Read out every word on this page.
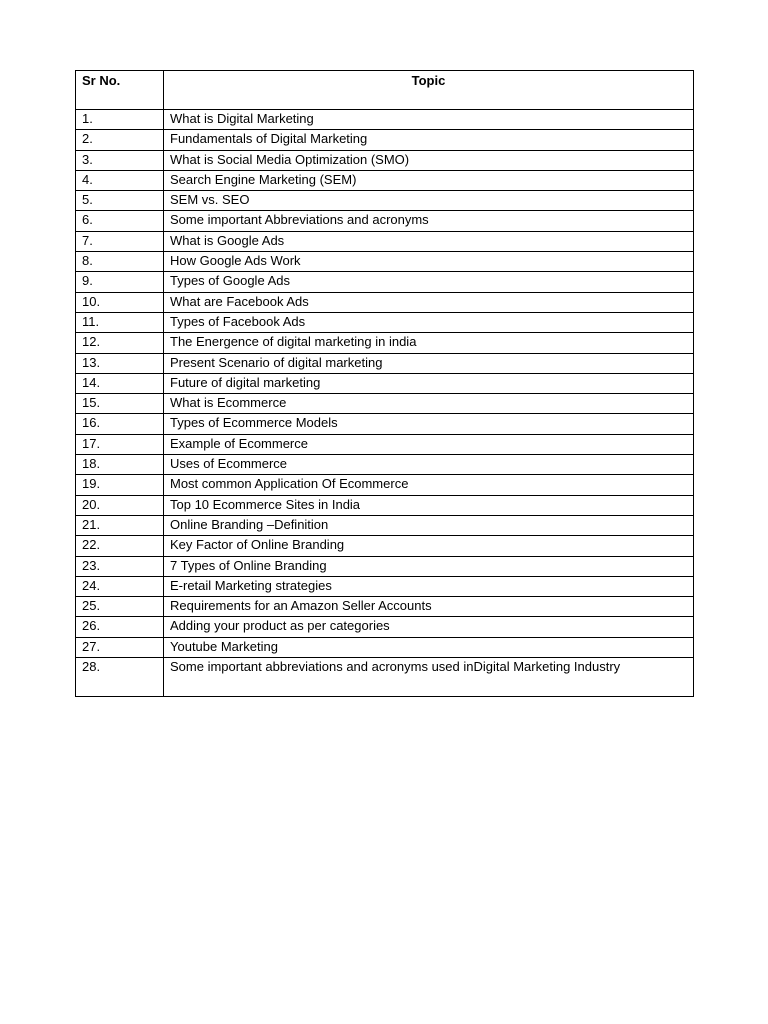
Sr No.	Topic
1.	What is Digital Marketing
2.	Fundamentals of Digital Marketing
3.	What is Social Media Optimization (SMO)
4.	Search Engine Marketing (SEM)
5.	SEM vs. SEO
6.	Some important Abbreviations and acronyms
7.	What is Google Ads
8.	How Google Ads Work
9.	Types of Google Ads
10.	What are Facebook Ads
11.	Types of Facebook Ads
12.	The Energence of digital marketing in india
13.	Present Scenario of digital marketing
14.	Future of digital marketing
15.	What is Ecommerce
16.	Types of Ecommerce Models
17.	Example of Ecommerce
18.	Uses of Ecommerce
19.	Most common Application Of Ecommerce
20.	Top 10 Ecommerce Sites in India
21.	Online Branding –Definition
22.	Key Factor of Online Branding
23.	7 Types of Online Branding
24.	E-retail Marketing strategies
25.	Requirements for an Amazon Seller Accounts
26.	Adding your product as per categories
27.	Youtube Marketing
28.	Some important abbreviations and acronyms used inDigital Marketing Industry
